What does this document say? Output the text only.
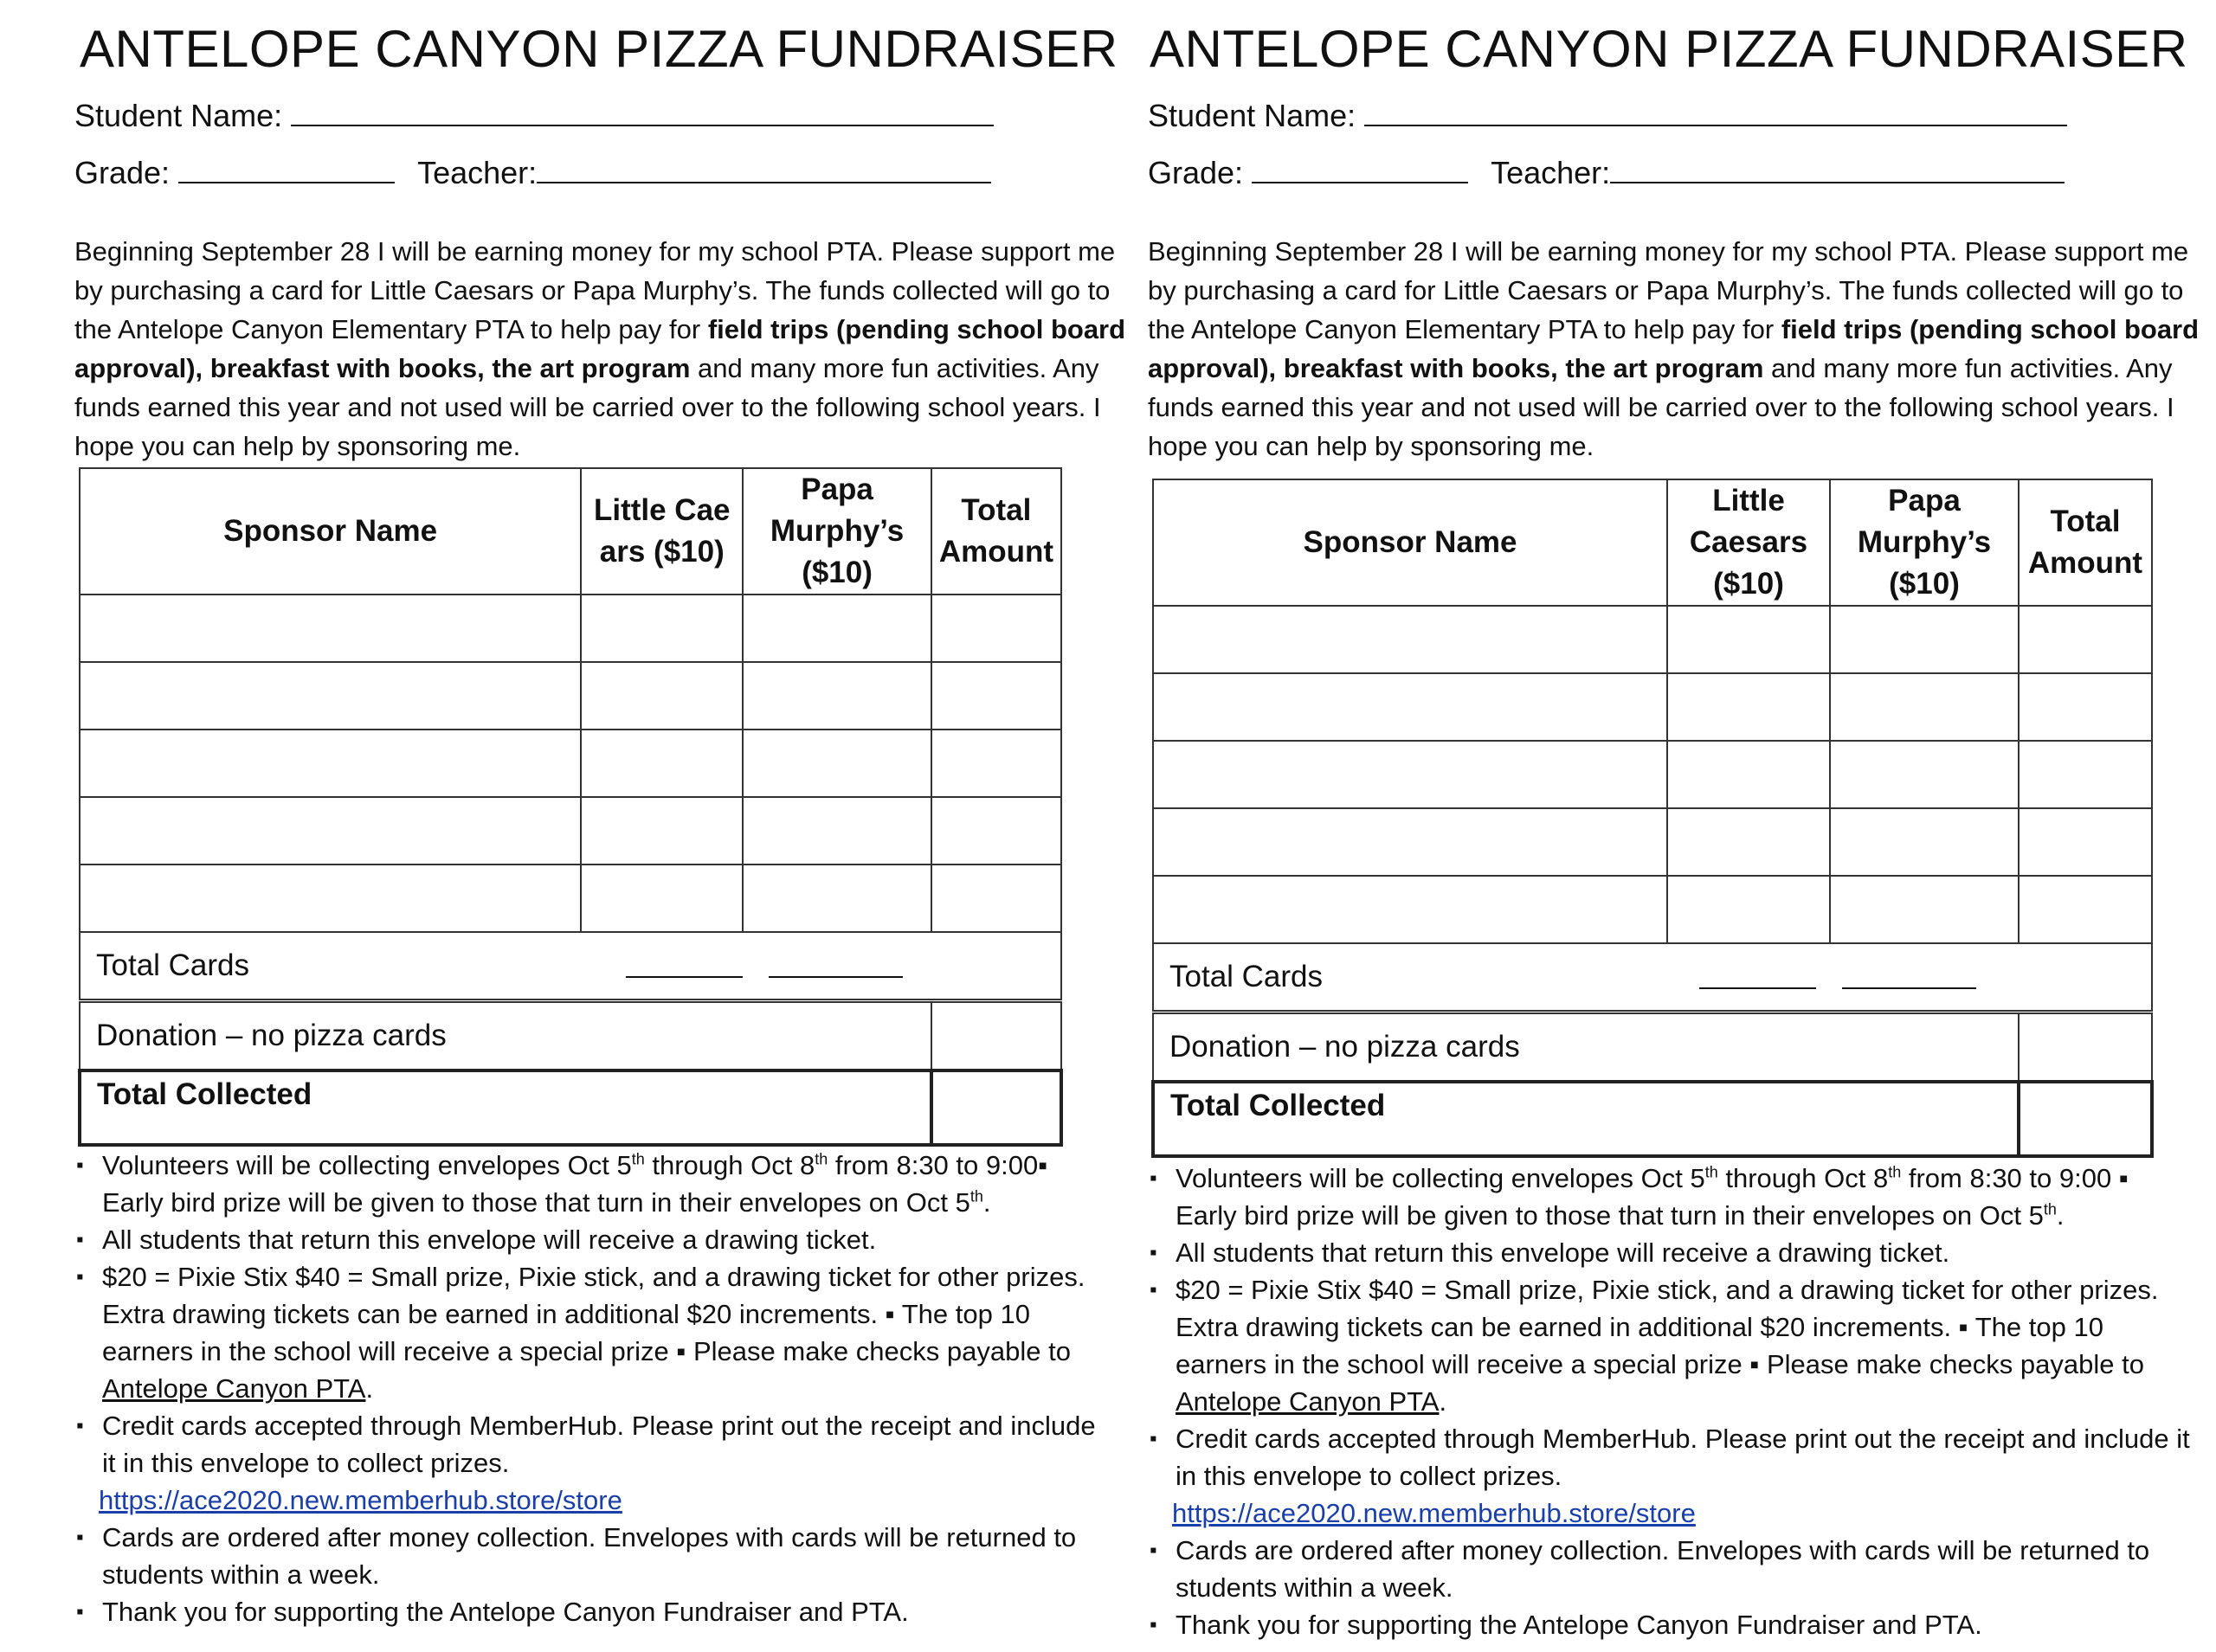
ANTELOPE CANYON PIZZA FUNDRAISER
Student Name:
Grade:	Teacher:
Beginning September 28 I will be earning money for my school PTA. Please support me by purchasing a card for Little Caesars or Papa Murphy’s. The funds collected will go to the Antelope Canyon Elementary PTA to help pay for field trips (pending school board approval), breakfast with books, the art program and many more fun activities. Any funds earned this year and not used will be carried over to the following school years. I hope you can help by sponsoring me.
Sponsor Name	Little Cae ars ($10)	Papa Murphy’s ($10)	Total Amount

Total Cards			

Donation – no pizza cards			
Total Collected			
▪ Volunteers will be collecting envelopes Oct 5th through Oct 8th from 8:30 to 9:00▪ Early bird prize will be given to those that turn in their envelopes on Oct 5th.
▪ All students that return this envelope will receive a drawing ticket.
▪ $20 = Pixie Stix $40 = Small prize, Pixie stick, and a drawing ticket for other prizes. Extra drawing tickets can be earned in additional $20 increments. ▪ The top 10 earners in the school will receive a special prize ▪ Please make checks payable to Antelope Canyon PTA.
▪ Credit cards accepted through MemberHub. Please print out the receipt and include it in this envelope to collect prizes.
https://ace2020.new.memberhub.store/store
▪ Cards are ordered after money collection. Envelopes with cards will be returned to students within a week.
▪ Thank you for supporting the Antelope Canyon Fundraiser and PTA.
ANTELOPE CANYON PIZZA FUNDRAISER
Student Name:
Grade:	Teacher:
Beginning September 28 I will be earning money for my school PTA. Please support me by purchasing a card for Little Caesars or Papa Murphy’s. The funds collected will go to the Antelope Canyon Elementary PTA to help pay for field trips (pending school board approval), breakfast with books, the art program and many more fun activities. Any funds earned this year and not used will be carried over to the following school years. I hope you can help by sponsoring me.
Sponsor Name	Little Caesars ($10)	Papa Murphy’s ($10)	Total Amount

Total Cards			

Donation – no pizza cards			
Total Collected			
▪ Volunteers will be collecting envelopes Oct 5th through Oct 8th from 8:30 to 9:00 ▪ Early bird prize will be given to those that turn in their envelopes on Oct 5th.
▪ All students that return this envelope will receive a drawing ticket.
▪ $20 = Pixie Stix $40 = Small prize, Pixie stick, and a drawing ticket for other prizes. Extra drawing tickets can be earned in additional $20 increments. ▪ The top 10 earners in the school will receive a special prize ▪ Please make checks payable to Antelope Canyon PTA.
▪ Credit cards accepted through MemberHub. Please print out the receipt and include it in this envelope to collect prizes.
https://ace2020.new.memberhub.store/store
▪ Cards are ordered after money collection. Envelopes with cards will be returned to students within a week.
▪ Thank you for supporting the Antelope Canyon Fundraiser and PTA.
